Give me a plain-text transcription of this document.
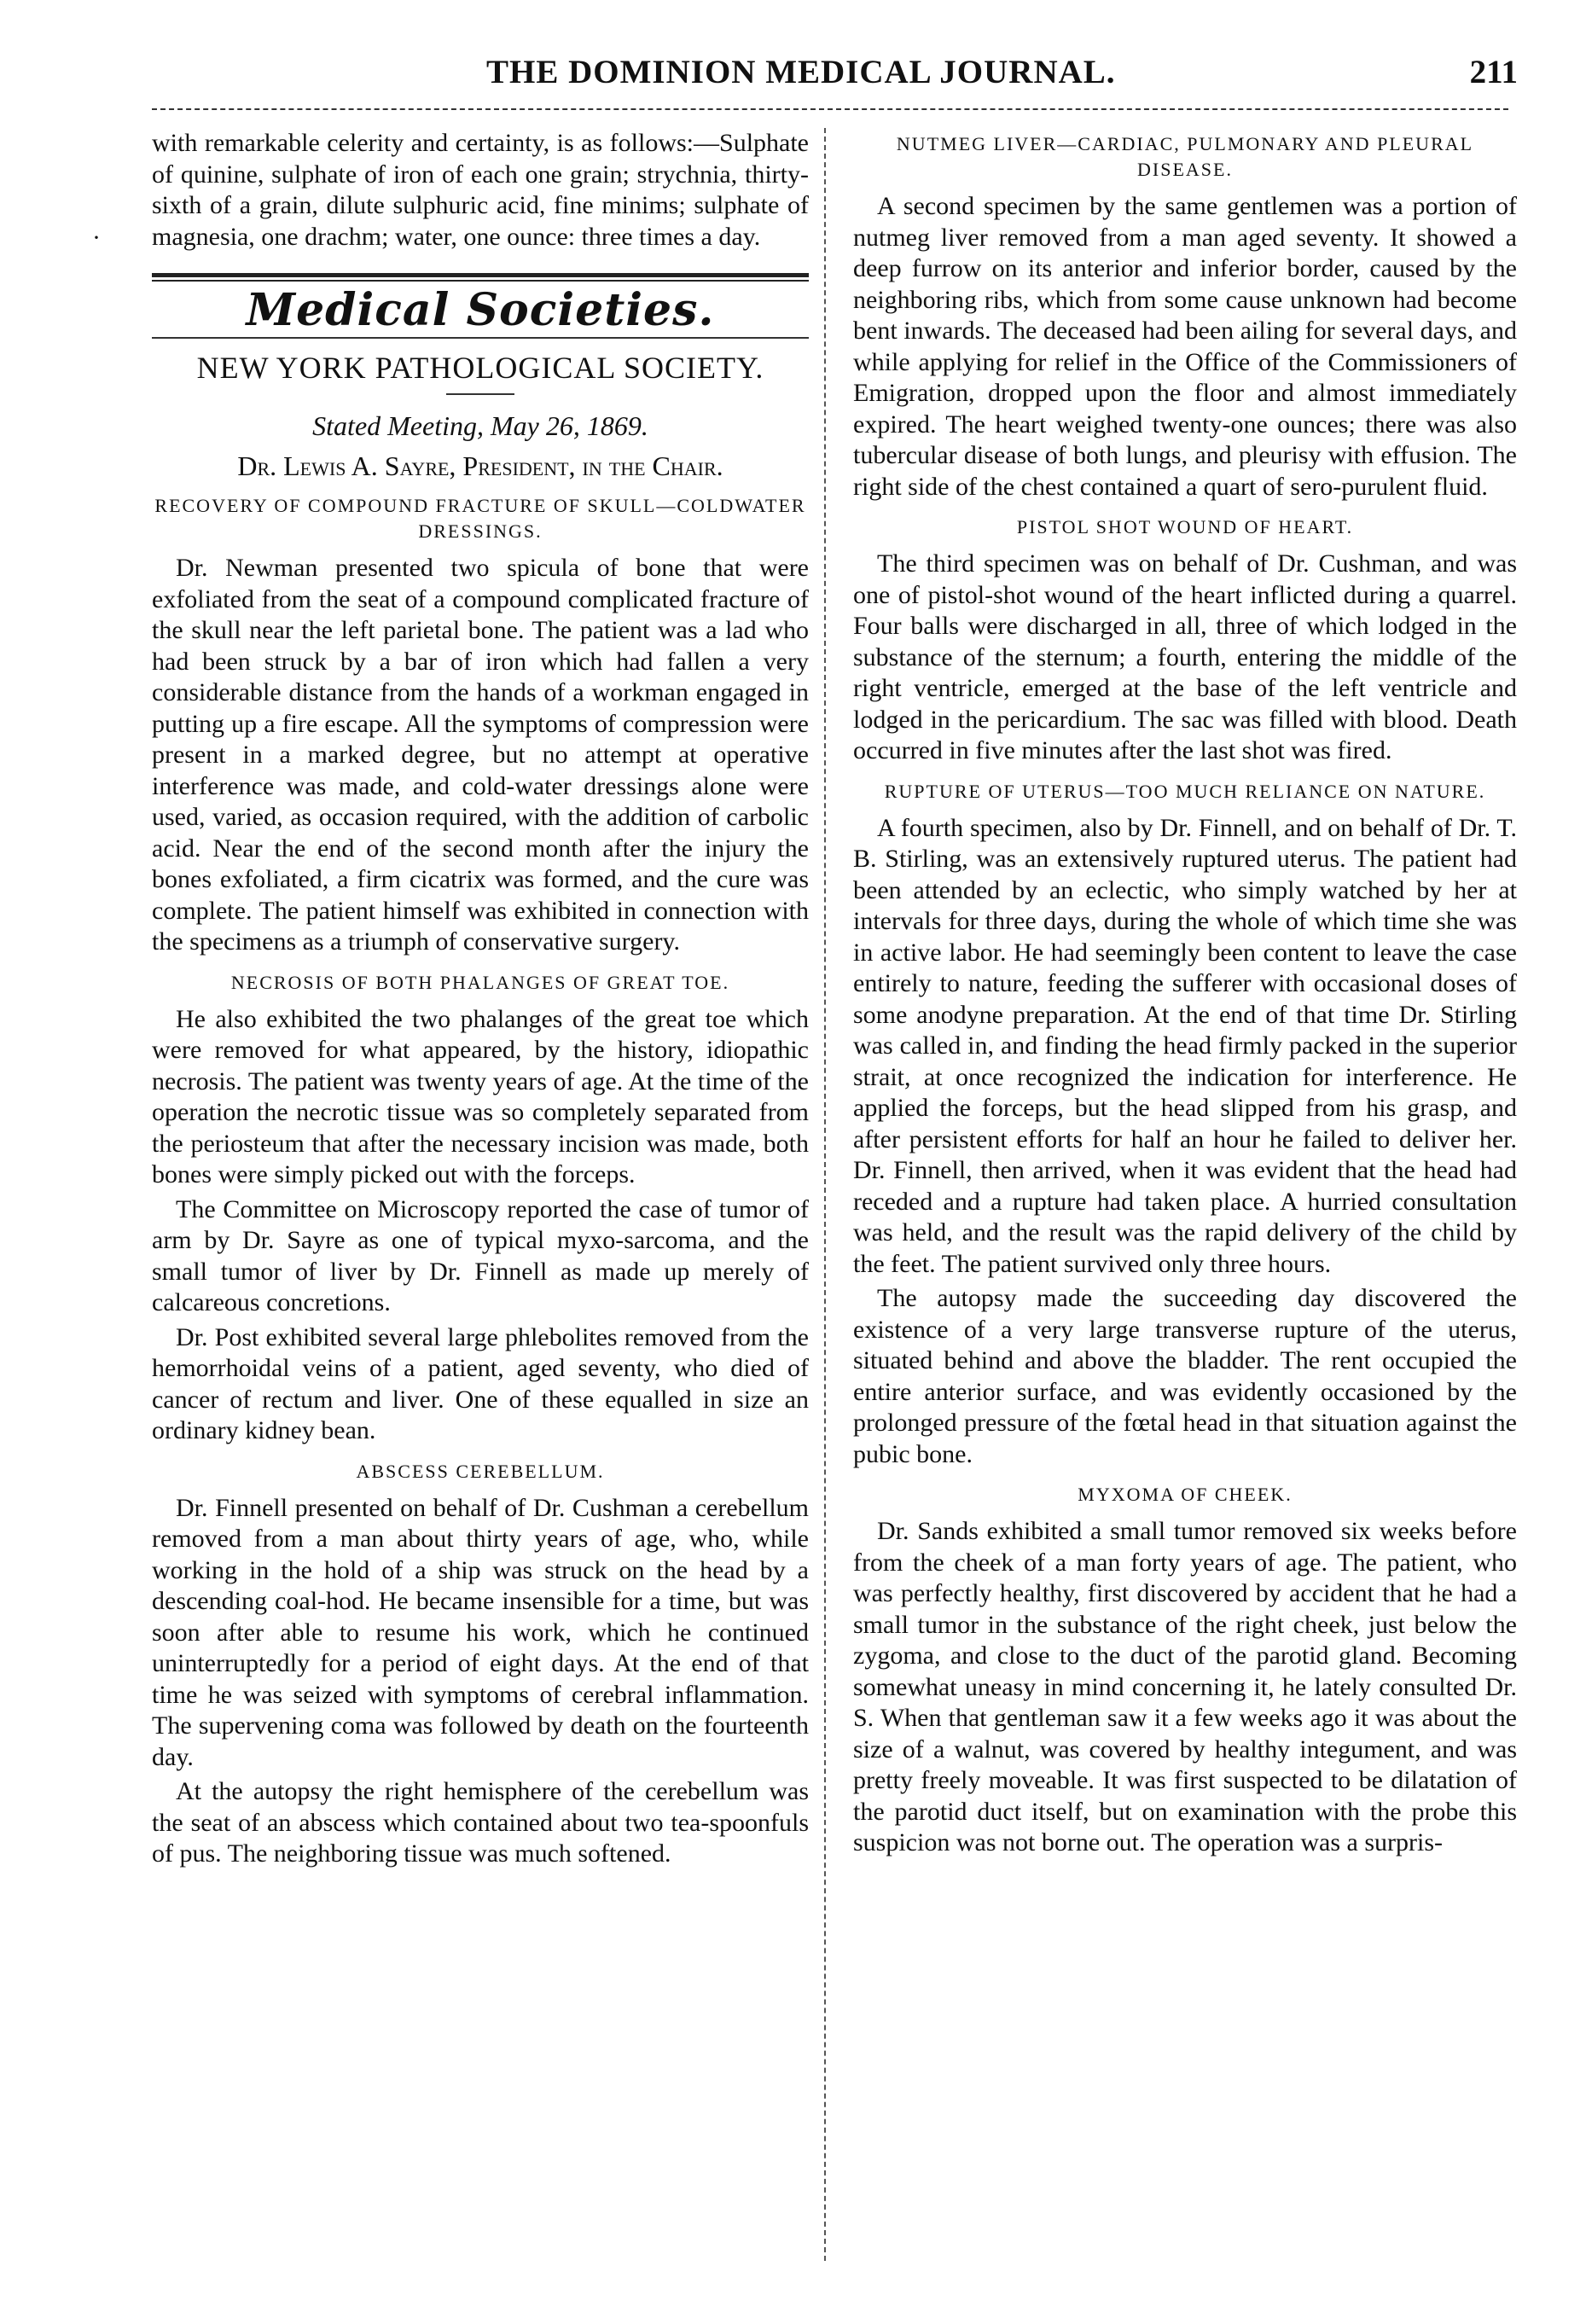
THE DOMINION MEDICAL JOURNAL.	211
·

with remarkable celerity and certainty, is as follows:—Sulphate of quinine, sulphate of iron of each one grain; strychnia, thirty-sixth of a grain, dilute sulphuric acid, fine minims; sulphate of magnesia, one drachm; water, one ounce: three times a day.

Medical Societies.
NEW YORK PATHOLOGICAL SOCIETY.
Stated Meeting, May 26, 1869.
Dr. Lewis A. Sayre, President, in the Chair.
RECOVERY OF COMPOUND FRACTURE OF SKULL—COLDWATER DRESSINGS.

Dr. Newman presented two spicula of bone that were exfoliated from the seat of a compound complicated fracture of the skull near the left parietal bone. The patient was a lad who had been struck by a bar of iron which had fallen a very considerable distance from the hands of a workman engaged in putting up a fire escape. All the symptoms of compression were present in a marked degree, but no attempt at operative interference was made, and cold-water dressings alone were used, varied, as occasion required, with the addition of carbolic acid. Near the end of the second month after the injury the bones exfoliated, a firm cicatrix was formed, and the cure was complete. The patient himself was exhibited in connection with the specimens as a triumph of conservative surgery.

NECROSIS OF BOTH PHALANGES OF GREAT TOE.

He also exhibited the two phalanges of the great toe which were removed for what appeared, by the history, idiopathic necrosis. The patient was twenty years of age. At the time of the operation the necrotic tissue was so completely separated from the periosteum that after the necessary incision was made, both bones were simply picked out with the forceps.

The Committee on Microscopy reported the case of tumor of arm by Dr. Sayre as one of typical myxo-sarcoma, and the small tumor of liver by Dr. Finnell as made up merely of calcareous concretions.

Dr. Post exhibited several large phlebolites removed from the hemorrhoidal veins of a patient, aged seventy, who died of cancer of rectum and liver. One of these equalled in size an ordinary kidney bean.

ABSCESS CEREBELLUM.

Dr. Finnell presented on behalf of Dr. Cushman a cerebellum removed from a man about thirty years of age, who, while working in the hold of a ship was struck on the head by a descending coal-hod. He became insensible for a time, but was soon after able to resume his work, which he continued uninterruptedly for a period of eight days. At the end of that time he was seized with symptoms of cerebral inflammation. The supervening coma was followed by death on the fourteenth day.

At the autopsy the right hemisphere of the cerebellum was the seat of an abscess which contained about two tea-spoonfuls of pus. The neighboring tissue was much softened.

NUTMEG LIVER—CARDIAC, PULMONARY AND PLEURAL DISEASE.

A second specimen by the same gentlemen was a portion of nutmeg liver removed from a man aged seventy. It showed a deep furrow on its anterior and inferior border, caused by the neighboring ribs, which from some cause unknown had become bent inwards. The deceased had been ailing for several days, and while applying for relief in the Office of the Commissioners of Emigration, dropped upon the floor and almost immediately expired. The heart weighed twenty-one ounces; there was also tubercular disease of both lungs, and pleurisy with effusion. The right side of the chest contained a quart of sero-purulent fluid.

PISTOL SHOT WOUND OF HEART.

The third specimen was on behalf of Dr. Cushman, and was one of pistol-shot wound of the heart inflicted during a quarrel. Four balls were discharged in all, three of which lodged in the substance of the sternum; a fourth, entering the middle of the right ventricle, emerged at the base of the left ventricle and lodged in the pericardium. The sac was filled with blood. Death occurred in five minutes after the last shot was fired.

RUPTURE OF UTERUS—TOO MUCH RELIANCE ON NATURE.

A fourth specimen, also by Dr. Finnell, and on behalf of Dr. T. B. Stirling, was an extensively ruptured uterus. The patient had been attended by an eclectic, who simply watched by her at intervals for three days, during the whole of which time she was in active labor. He had seemingly been content to leave the case entirely to nature, feeding the sufferer with occasional doses of some anodyne preparation. At the end of that time Dr. Stirling was called in, and finding the head firmly packed in the superior strait, at once recognized the indication for interference. He applied the forceps, but the head slipped from his grasp, and after persistent efforts for half an hour he failed to deliver her. Dr. Finnell, then arrived, when it was evident that the head had receded and a rupture had taken place. A hurried consultation was held, and the result was the rapid delivery of the child by the feet. The patient survived only three hours.

The autopsy made the succeeding day discovered the existence of a very large transverse rupture of the uterus, situated behind and above the bladder. The rent occupied the entire anterior surface, and was evidently occasioned by the prolonged pressure of the fœtal head in that situation against the pubic bone.

MYXOMA OF CHEEK.

Dr. Sands exhibited a small tumor removed six weeks before from the cheek of a man forty years of age. The patient, who was perfectly healthy, first discovered by accident that he had a small tumor in the substance of the right cheek, just below the zygoma, and close to the duct of the parotid gland. Becoming somewhat uneasy in mind concerning it, he lately consulted Dr. S. When that gentleman saw it a few weeks ago it was about the size of a walnut, was covered by healthy integument, and was pretty freely moveable. It was first suspected to be dilatation of the parotid duct itself, but on examination with the probe this suspicion was not borne out. The operation was a surpris-
